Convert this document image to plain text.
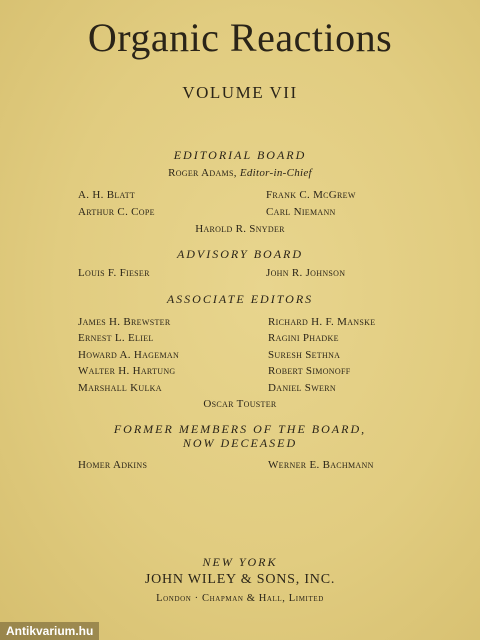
Organic Reactions
VOLUME VII
EDITORIAL BOARD
Roger Adams, Editor-in-Chief
A. H. Blatt	Frank C. McGrew
Arthur C. Cope	Carl Niemann
Harold R. Snyder
ADVISORY BOARD
Louis F. Fieser	John R. Johnson
ASSOCIATE EDITORS
James H. Brewster	Richard H. F. Manske
Ernest L. Eliel	Ragini Phadke
Howard A. Hageman	Suresh Sethna
Walter H. Hartung	Robert Simonoff
Marshall Kulka	Daniel Swern
Oscar Touster
FORMER MEMBERS OF THE BOARD,
NOW DECEASED
Homer Adkins	Werner E. Bachmann
NEW YORK
JOHN WILEY & SONS, INC.
London · Chapman & Hall, Limited
Antikvarium.hu
